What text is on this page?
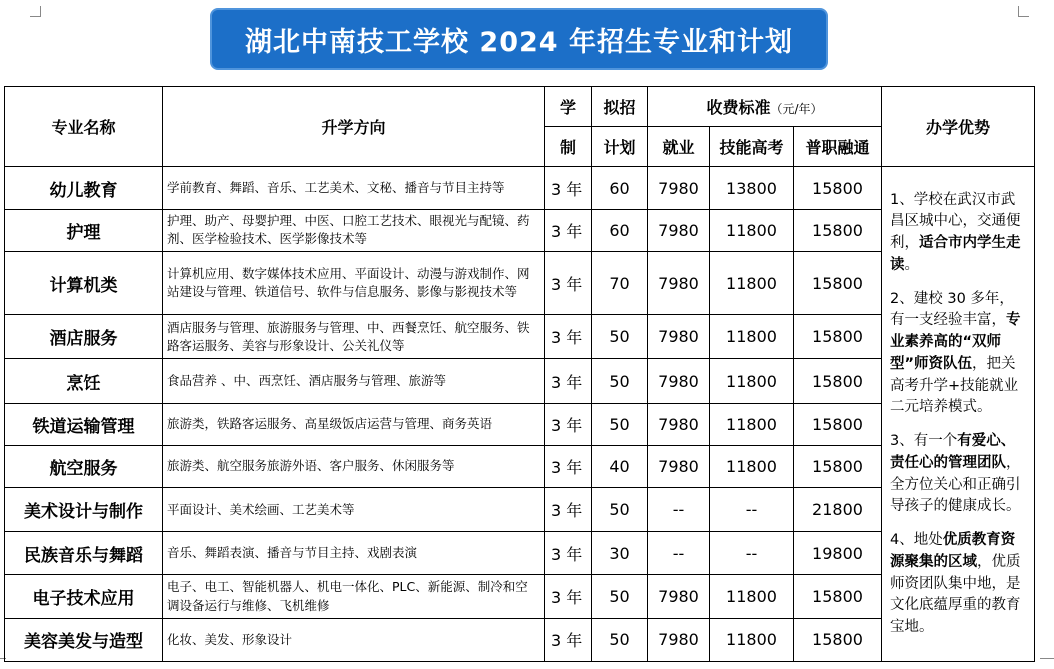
湖北中南技工学校 2024 年招生专业和计划
专业名称	升学方向	学	拟招	收费标准（元/年）			办学优势
		制	计划	就业	技能高考	普职融通	
幼儿教育	学前教育、舞蹈、音乐、工艺美术、文秘、播音与节目主持等	3 年	60	7980	13800	15800	1、学校在武汉市武昌区城中心，交通便利，适合市内学生走读。

2、建校 30 多年，有一支经验丰富，专业素养高的“双师型”师资队伍，把关高考升学+技能就业二元培养模式。

3、有一个有爱心、责任心的管理团队，全方位关心和正确引导孩子的健康成长。

4、地处优质教育资源聚集的区域，优质师资团队集中地，是文化底蕴厚重的教育宝地。

护理	护理、助产、母婴护理、中医、口腔工艺技术、眼视光与配镜、药剂、医学检验技术、医学影像技术等	3 年	60	7980	11800	15800	
计算机类	计算机应用、数字媒体技术应用、平面设计、动漫与游戏制作、网站建设与管理、铁道信号、软件与信息服务、影像与影视技术等	3 年	70	7980	11800	15800	
酒店服务	酒店服务与管理、旅游服务与管理、中、西餐烹饪、航空服务、铁路客运服务、美容与形象设计、公关礼仪等	3 年	50	7980	11800	15800	
烹饪	食品营养 、中、西烹饪、酒店服务与管理、旅游等	3 年	50	7980	11800	15800	
铁道运输管理	旅游类，铁路客运服务、高星级饭店运营与管理、商务英语	3 年	50	7980	11800	15800	
航空服务	旅游类、航空服务旅游外语、客户服务、休闲服务等	3 年	40	7980	11800	15800	
美术设计与制作	平面设计、美术绘画、工艺美术等	3 年	50	--	--	21800	
民族音乐与舞蹈	音乐、舞蹈表演、播音与节目主持、戏剧表演	3 年	30	--	--	19800	
电子技术应用	电子、电工、智能机器人、机电一体化、PLC、新能源、制冷和空调设备运行与维修、飞机维修	3 年	50	7980	11800	15800	
美容美发与造型	化妆、美发、形象设计	3 年	50	7980	11800	15800	
